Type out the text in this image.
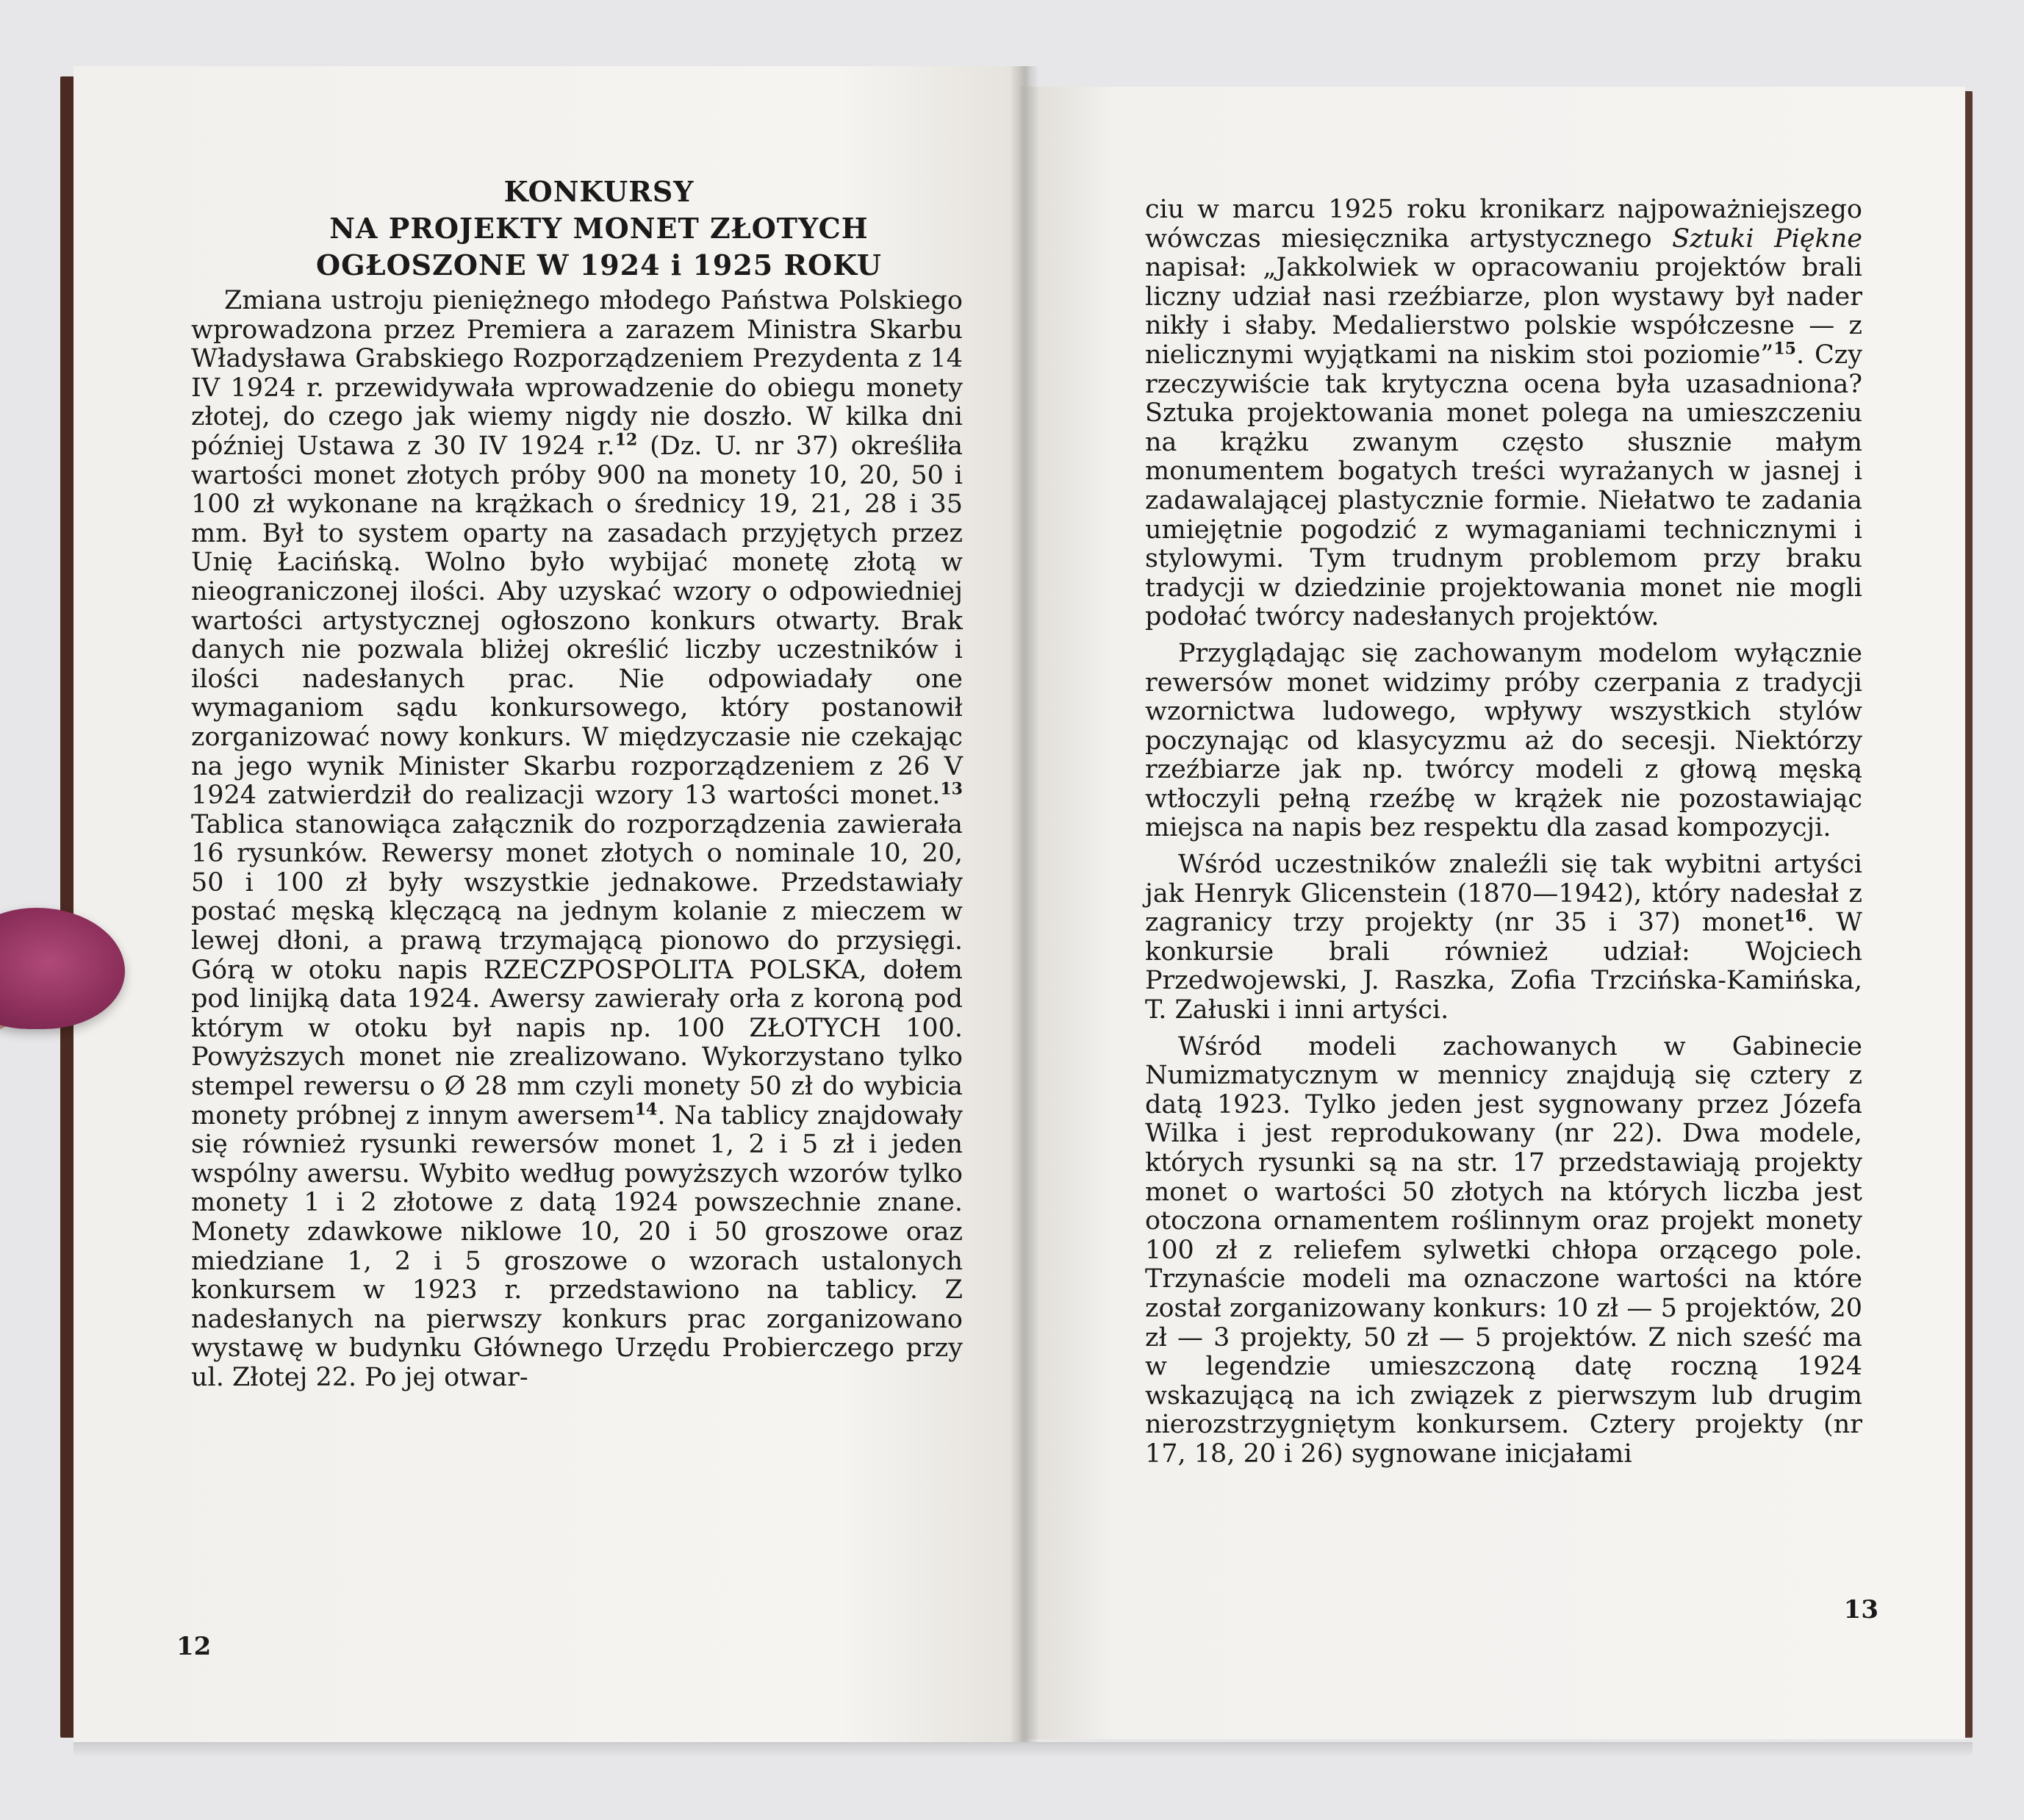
KONKURSY
NA PROJEKTY MONET ZŁOTYCH
OGŁOSZONE W 1924 i 1925 ROKU

Zmiana ustroju pieniężnego młodego Państwa Polskiego wprowadzona przez Premiera a zarazem Ministra Skarbu Władysława Grabskiego Rozporządzeniem Prezydenta z 14 IV 1924 r. przewidywała wprowadzenie do obiegu monety złotej, do czego jak wiemy nigdy nie doszło. W kilka dni później Ustawa z 30 IV 1924 r.$^{12}$ (Dz. U. nr 37) określiła wartości monet złotych próby 900 na monety 10, 20, 50 i 100 zł wykonane na krążkach o średnicy 19, 21, 28 i 35 mm. Był to system oparty na zasadach przyjętych przez Unię Łacińską. Wolno było wybijać monetę złotą w nieograniczonej ilości. Aby uzyskać wzory o odpowiedniej wartości artystycznej ogłoszono konkurs otwarty. Brak danych nie pozwala bliżej określić liczby uczestników i ilości nadesłanych prac. Nie odpowiadały one wymaganiom sądu konkursowego, który postanowił zorganizować nowy konkurs. W międzyczasie nie czekając na jego wynik Minister Skarbu rozporządzeniem z 26 V 1924 zatwierdził do realizacji wzory 13 wartości monet.$^{13}$ Tablica stanowiąca załącznik do rozporządzenia zawierała 16 rysunków. Rewersy monet złotych o nominale 10, 20, 50 i 100 zł były wszystkie jednakowe. Przedstawiały postać męską klęczącą na jednym kolanie z mieczem w lewej dłoni, a prawą trzymającą pionowo do przysięgi. Górą w otoku napis RZECZPOSPOLITA POLSKA, dołem pod linijką data 1924. Awersy zawierały orła z koroną pod którym w otoku był napis np. 100 ZŁOTYCH 100. Powyższych monet nie zrealizowano. Wykorzystano tylko stempel rewersu o Ø 28 mm czyli monety 50 zł do wybicia monety próbnej z innym awersem$^{14}$. Na tablicy znajdowały się również rysunki rewersów monet 1, 2 i 5 zł i jeden wspólny awersu. Wybito według powyższych wzorów tylko monety 1 i 2 złotowe z datą 1924 powszechnie znane. Monety zdawkowe niklowe 10, 20 i 50 groszowe oraz miedziane 1, 2 i 5 groszowe o wzorach ustalonych konkursem w 1923 r. przedstawiono na tablicy. Z nadesłanych na pierwszy konkurs prac zorganizowano wystawę w budynku Głównego Urzędu Probierczego przy ul. Złotej 22. Po jej otwar-

12

ciu w marcu 1925 roku kronikarz najpoważniejszego wówczas miesięcznika artystycznego Sztuki Piękne napisał: „Jakkolwiek w opracowaniu projektów brali liczny udział nasi rzeźbiarze, plon wystawy był nader nikły i słaby. Medalierstwo polskie współczesne — z nielicznymi wyjątkami na niskim stoi poziomie”$^{15}$. Czy rzeczywiście tak krytyczna ocena była uzasadniona? Sztuka projektowania monet polega na umieszczeniu na krążku zwanym często słusznie małym monumentem bogatych treści wyrażanych w jasnej i zadawalającej plastycznie formie. Niełatwo te zadania umiejętnie pogodzić z wymaganiami technicznymi i stylowymi. Tym trudnym problemom przy braku tradycji w dziedzinie projektowania monet nie mogli podołać twórcy nadesłanych projektów.

Przyglądając się zachowanym modelom wyłącznie rewersów monet widzimy próby czerpania z tradycji wzornictwa ludowego, wpływy wszystkich stylów poczynając od klasycyzmu aż do secesji. Niektórzy rzeźbiarze jak np. twórcy modeli z głową męską wtłoczyli pełną rzeźbę w krążek nie pozostawiając miejsca na napis bez respektu dla zasad kompozycji.

Wśród uczestników znaleźli się tak wybitni artyści jak Henryk Glicenstein (1870—1942), który nadesłał z zagranicy trzy projekty (nr 35 i 37) monet$^{16}$. W konkursie brali również udział: Wojciech Przedwojewski, J. Raszka, Zofia Trzcińska-Kamińska, T. Załuski i inni artyści.

Wśród modeli zachowanych w Gabinecie Numizmatycznym w mennicy znajdują się cztery z datą 1923. Tylko jeden jest sygnowany przez Józefa Wilka i jest reprodukowany (nr 22). Dwa modele, których rysunki są na str. 17 przedstawiają projekty monet o wartości 50 złotych na których liczba jest otoczona ornamentem roślinnym oraz projekt monety 100 zł z reliefem sylwetki chłopa orzącego pole. Trzynaście modeli ma oznaczone wartości na które został zorganizowany konkurs: 10 zł — 5 projektów, 20 zł — 3 projekty, 50 zł — 5 projektów. Z nich sześć ma w legendzie umieszczoną datę roczną 1924 wskazującą na ich związek z pierwszym lub drugim nierozstrzygniętym konkursem. Cztery projekty (nr 17, 18, 20 i 26) sygnowane inicjałami

13
